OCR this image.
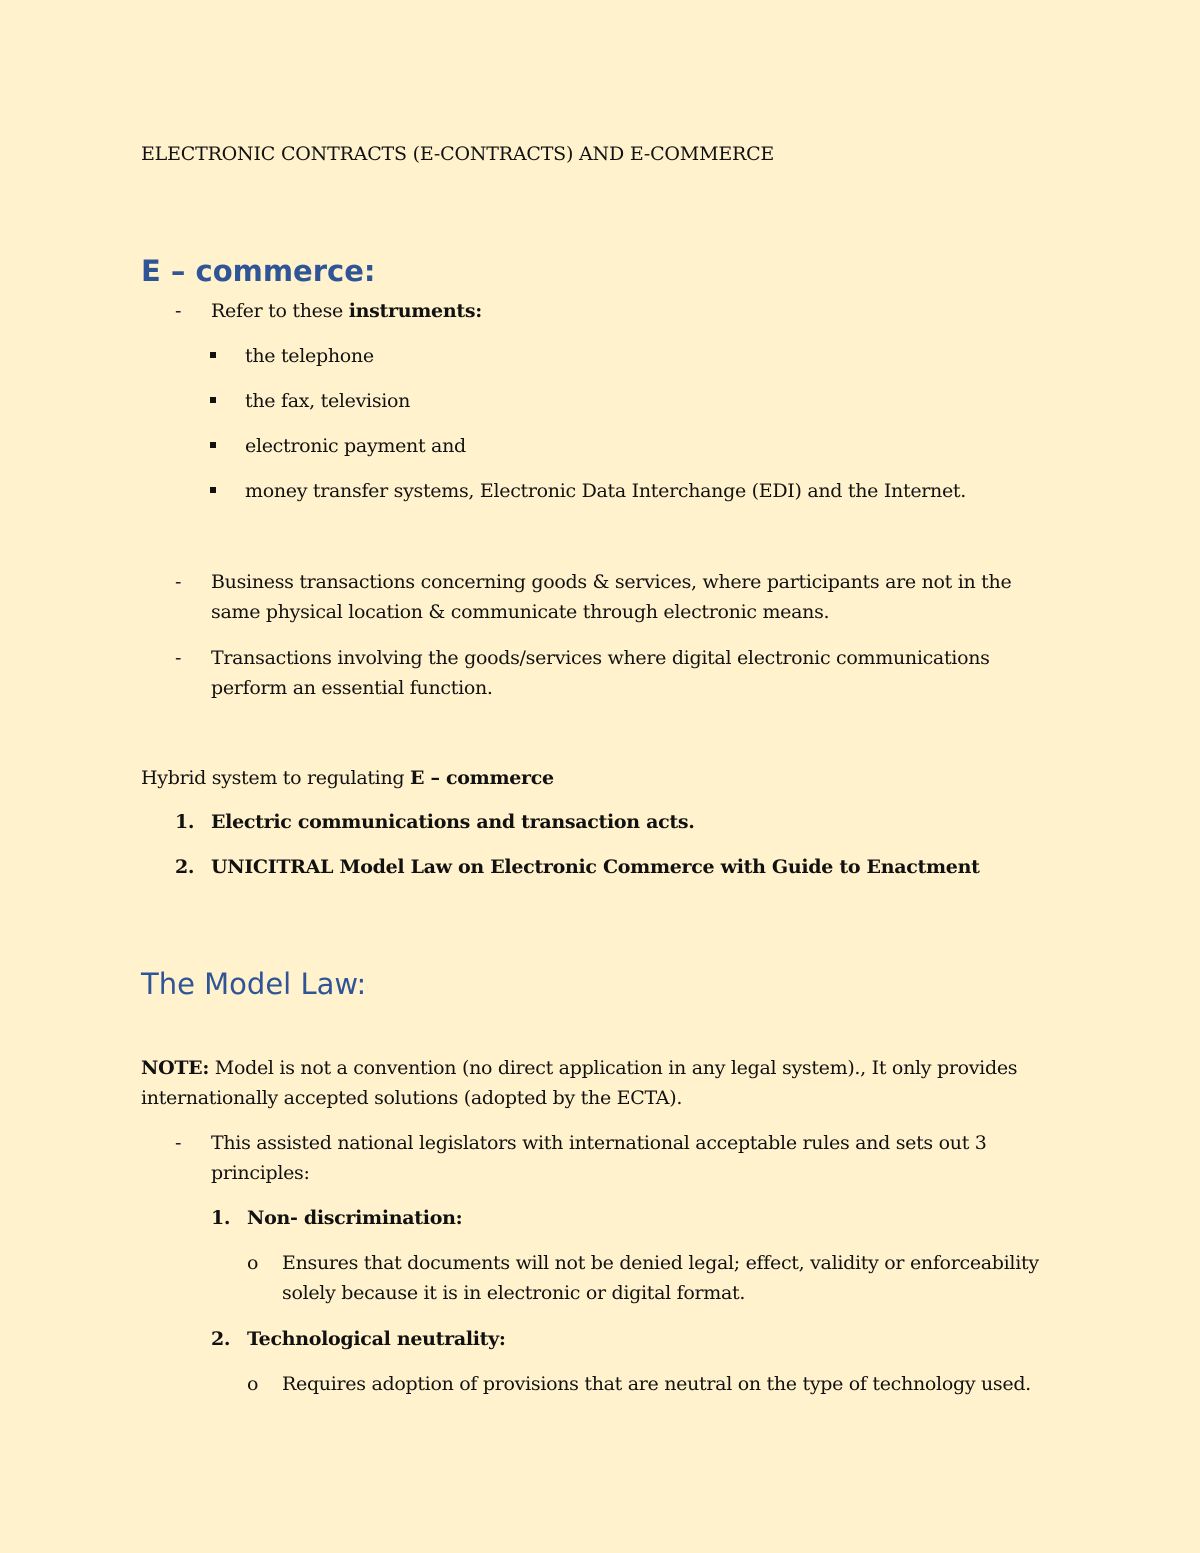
ELECTRONIC CONTRACTS (E-CONTRACTS) AND E-COMMERCE
E – commerce:
- Refer to these instruments:
the telephone
the fax, television
electronic payment and
money transfer systems, Electronic Data Interchange (EDI) and the Internet.
- Business transactions concerning goods & services, where participants are not in the
same physical location & communicate through electronic means.
- Transactions involving the goods/services where digital electronic communications
perform an essential function.
Hybrid system to regulating E – commerce
1. Electric communications and transaction acts.
2. UNICITRAL Model Law on Electronic Commerce with Guide to Enactment
The Model Law:
NOTE: Model is not a convention (no direct application in any legal system)., It only provides
internationally accepted solutions (adopted by the ECTA).
- This assisted national legislators with international acceptable rules and sets out 3
principles:
1. Non- discrimination:
o Ensures that documents will not be denied legal; effect, validity or enforceability
solely because it is in electronic or digital format.
2. Technological neutrality:
o Requires adoption of provisions that are neutral on the type of technology used.
